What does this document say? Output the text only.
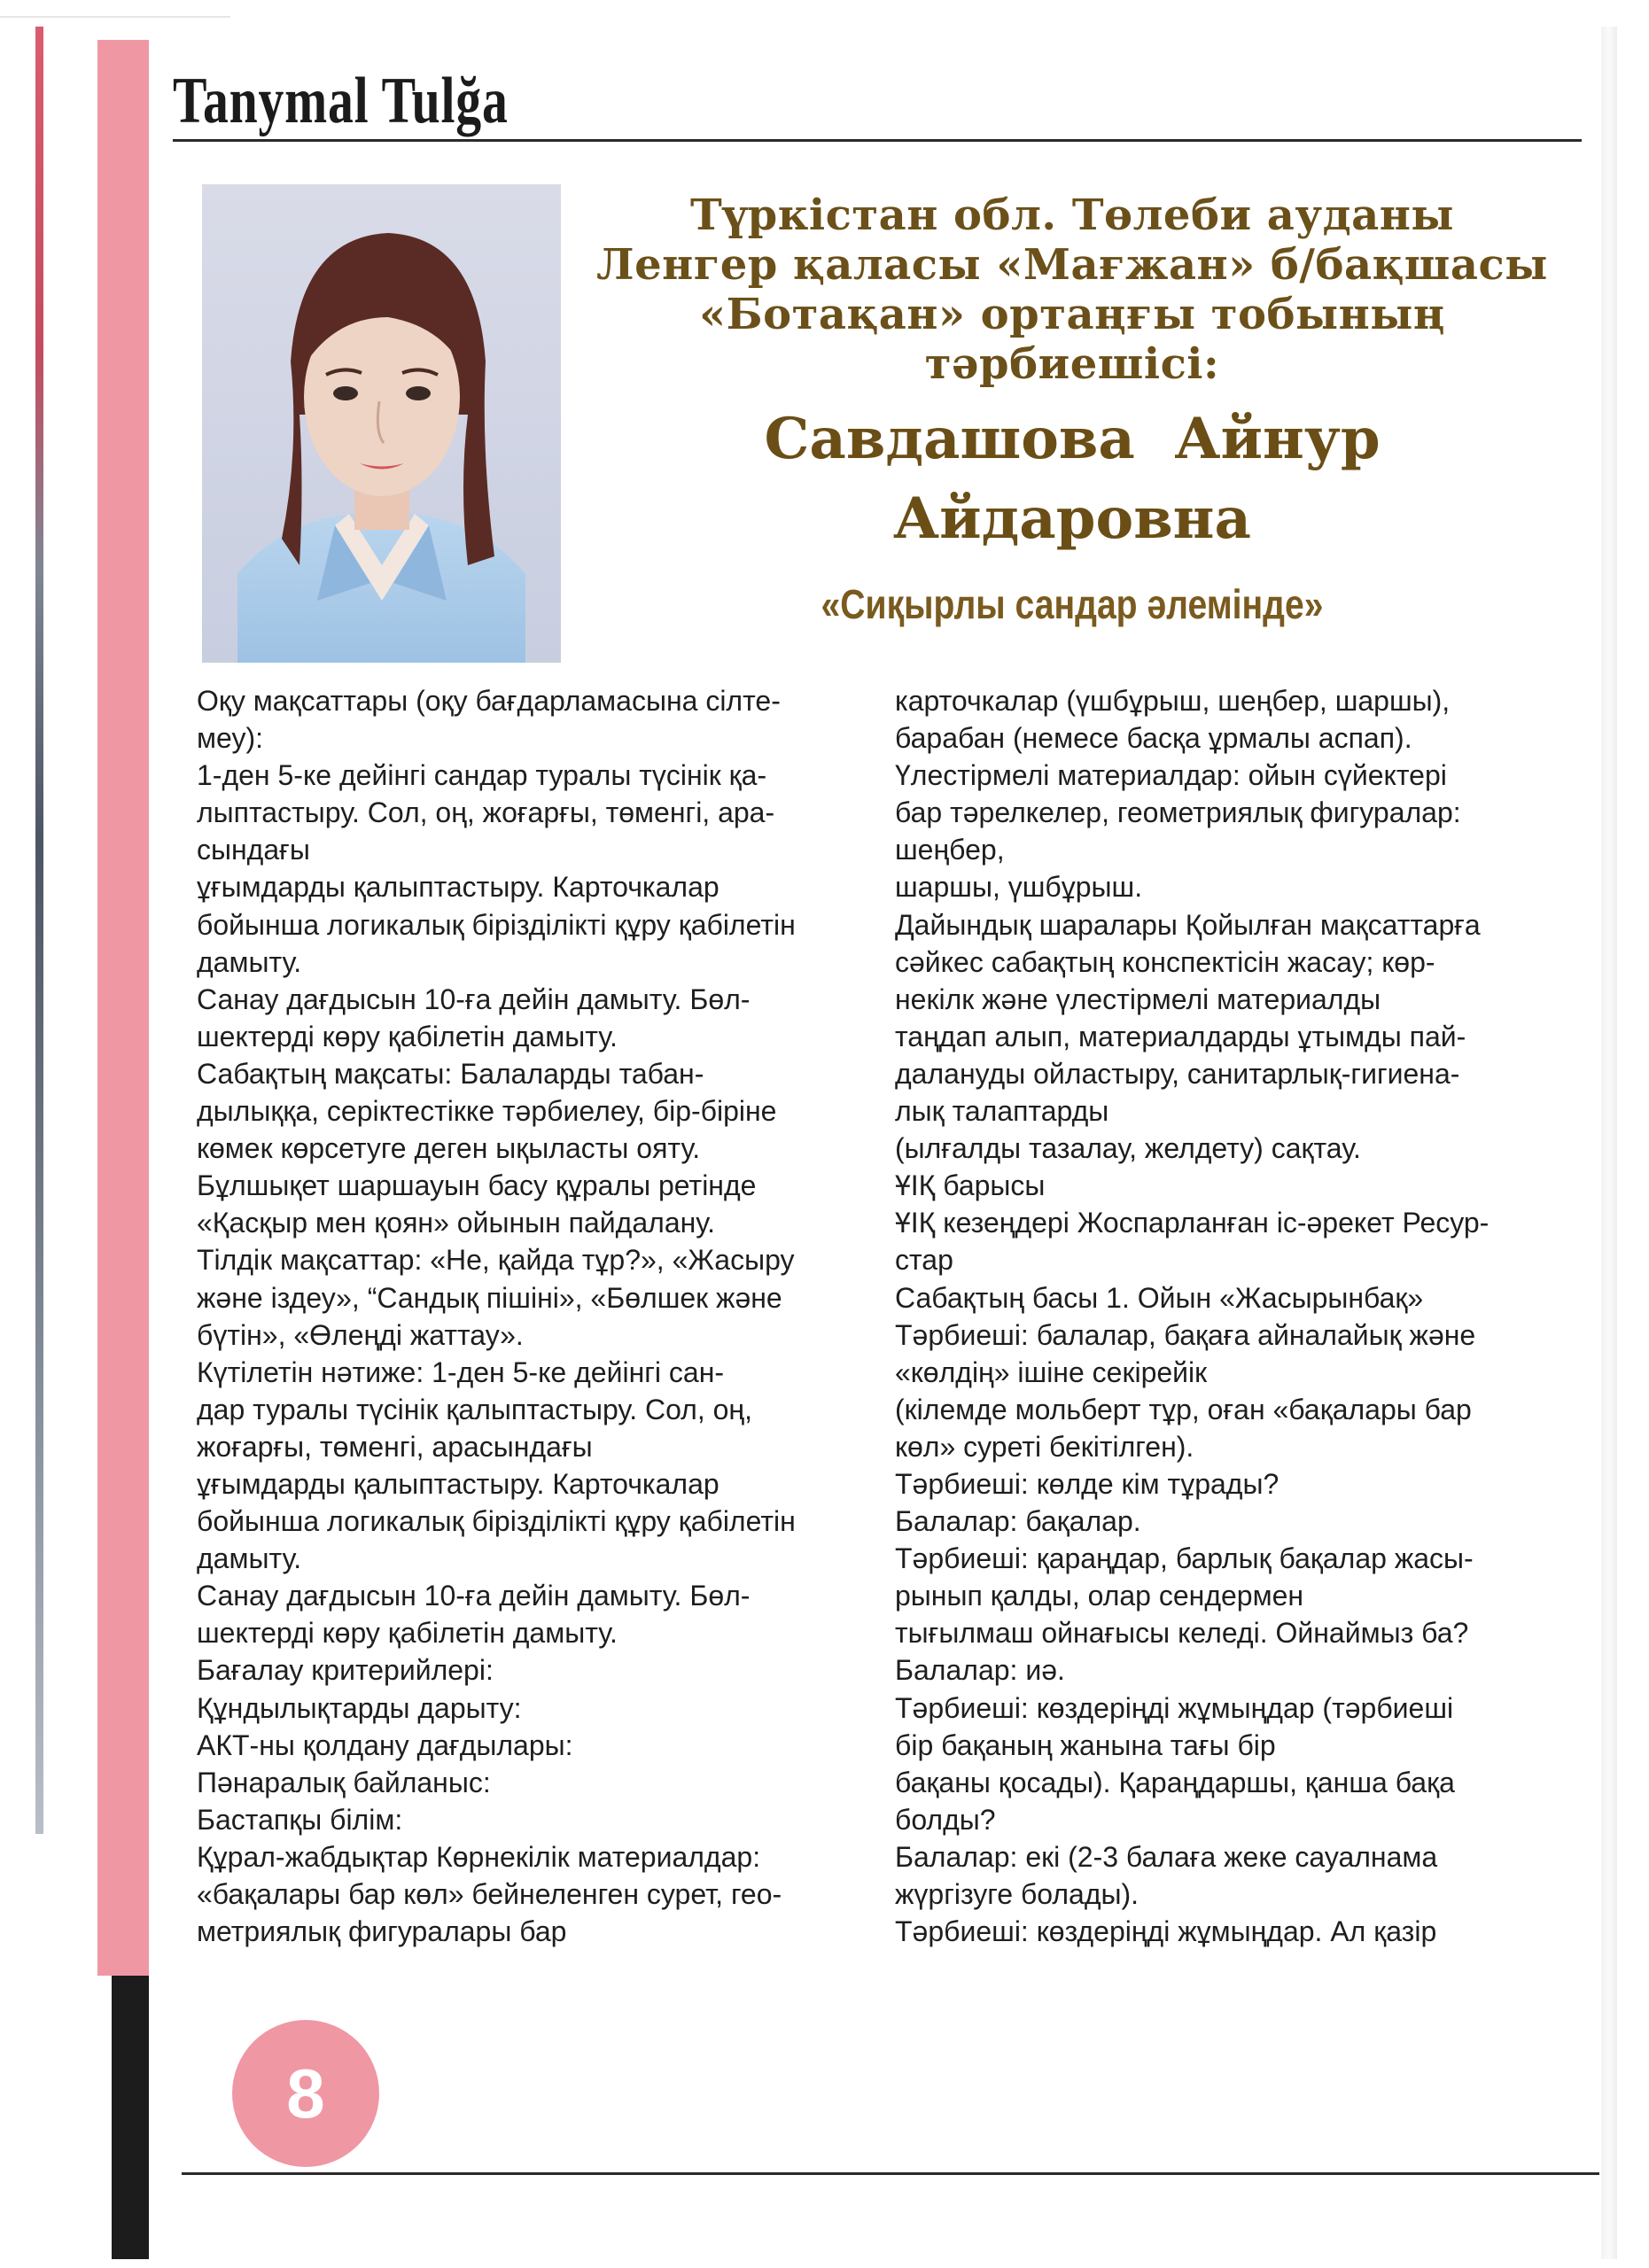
Tanymal Tulğa
Түркістан обл. Төлеби ауданы
Ленгер қаласы «Мағжан» б/бақшасы
«Ботақан» ортаңғы тобының
тәрбиешісі:
Савдашова  Айнур
Айдаровна
«Сиқырлы сандар әлемінде»
Оқу мақсаттары (оқу бағдарламасына сілте-
меу):
1-ден 5-ке дейінгі сандар туралы түсінік қа-
лыптастыру. Сол, оң, жоғарғы, төменгі, ара-
сындағы
ұғымдарды қалыптастыру. Карточкалар
бойынша логикалық бірізділікті құру қабілетін
дамыту.
Санау дағдысын 10-ға дейін дамыту. Бөл-
шектерді көру қабілетін дамыту.
Сабақтың мақсаты: Балаларды табан-
дылыққа, серіктестікке тәрбиелеу, бір-біріне
көмек көрсетуге деген ықыласты ояту.
Бұлшықет шаршауын басу құралы ретінде
«Қасқыр мен қоян» ойынын пайдалану.
Тілдік мақсаттар: «Не, қайда тұр?», «Жасыру
және іздеу», “Сандық пішіні», «Бөлшек және
бүтін», «Өлеңді жаттау».
Күтілетін нәтиже: 1-ден 5-ке дейінгі сан-
дар туралы түсінік қалыптастыру. Сол, оң,
жоғарғы, төменгі, арасындағы
ұғымдарды қалыптастыру. Карточкалар
бойынша логикалық бірізділікті құру қабілетін
дамыту.
Санау дағдысын 10-ға дейін дамыту. Бөл-
шектерді көру қабілетін дамыту.
Бағалау критерийлері:
Құндылықтарды дарыту:
АКТ-ны қолдану дағдылары:
Пәнаралық байланыс:
Бастапқы білім:
Құрал-жабдықтар Көрнекілік материалдар:
«бақалары бар көл» бейнеленген сурет, гео-
метриялық фигуралары бар
карточкалар (үшбұрыш, шеңбер, шаршы),
барабан (немесе басқа ұрмалы аспап).
Үлестірмелі материалдар: ойын сүйектері
бар тәрелкелер, геометриялық фигуралар:
шеңбер,
шаршы, үшбұрыш.
Дайындық шаралары Қойылған мақсаттарға
сәйкес сабақтың конспектісін жасау; көр-
некілк және үлестірмелі материалды
таңдап алып, материалдарды ұтымды пай-
далануды ойластыру, санитарлық-гигиена-
лық талаптарды
(ылғалды тазалау, желдету) сақтау.
ҰІҚ барысы
ҰІҚ кезеңдері Жоспарланған іс-әрекет Ресур-
стар
Сабақтың басы 1. Ойын «Жасырынбақ»
Тәрбиеші: балалар, бақаға айналайық және
«көлдің» ішіне секірейік
(кілемде мольберт тұр, оған «бақалары бар
көл» суреті бекітілген).
Тәрбиеші: көлде кім тұрады?
Балалар: бақалар.
Тәрбиеші: қараңдар, барлық бақалар жасы-
рынып қалды, олар сендермен
тығылмаш ойнағысы келеді. Ойнаймыз ба?
Балалар: иә.
Тәрбиеші: көздеріңді жұмыңдар (тәрбиеші
бір бақаның жанына тағы бір
бақаны қосады). Қараңдаршы, қанша бақа
болды?
Балалар: екі (2-3 балаға жеке сауалнама
жүргізуге болады).
Тәрбиеші: көздеріңді жұмыңдар. Ал қазір
8
